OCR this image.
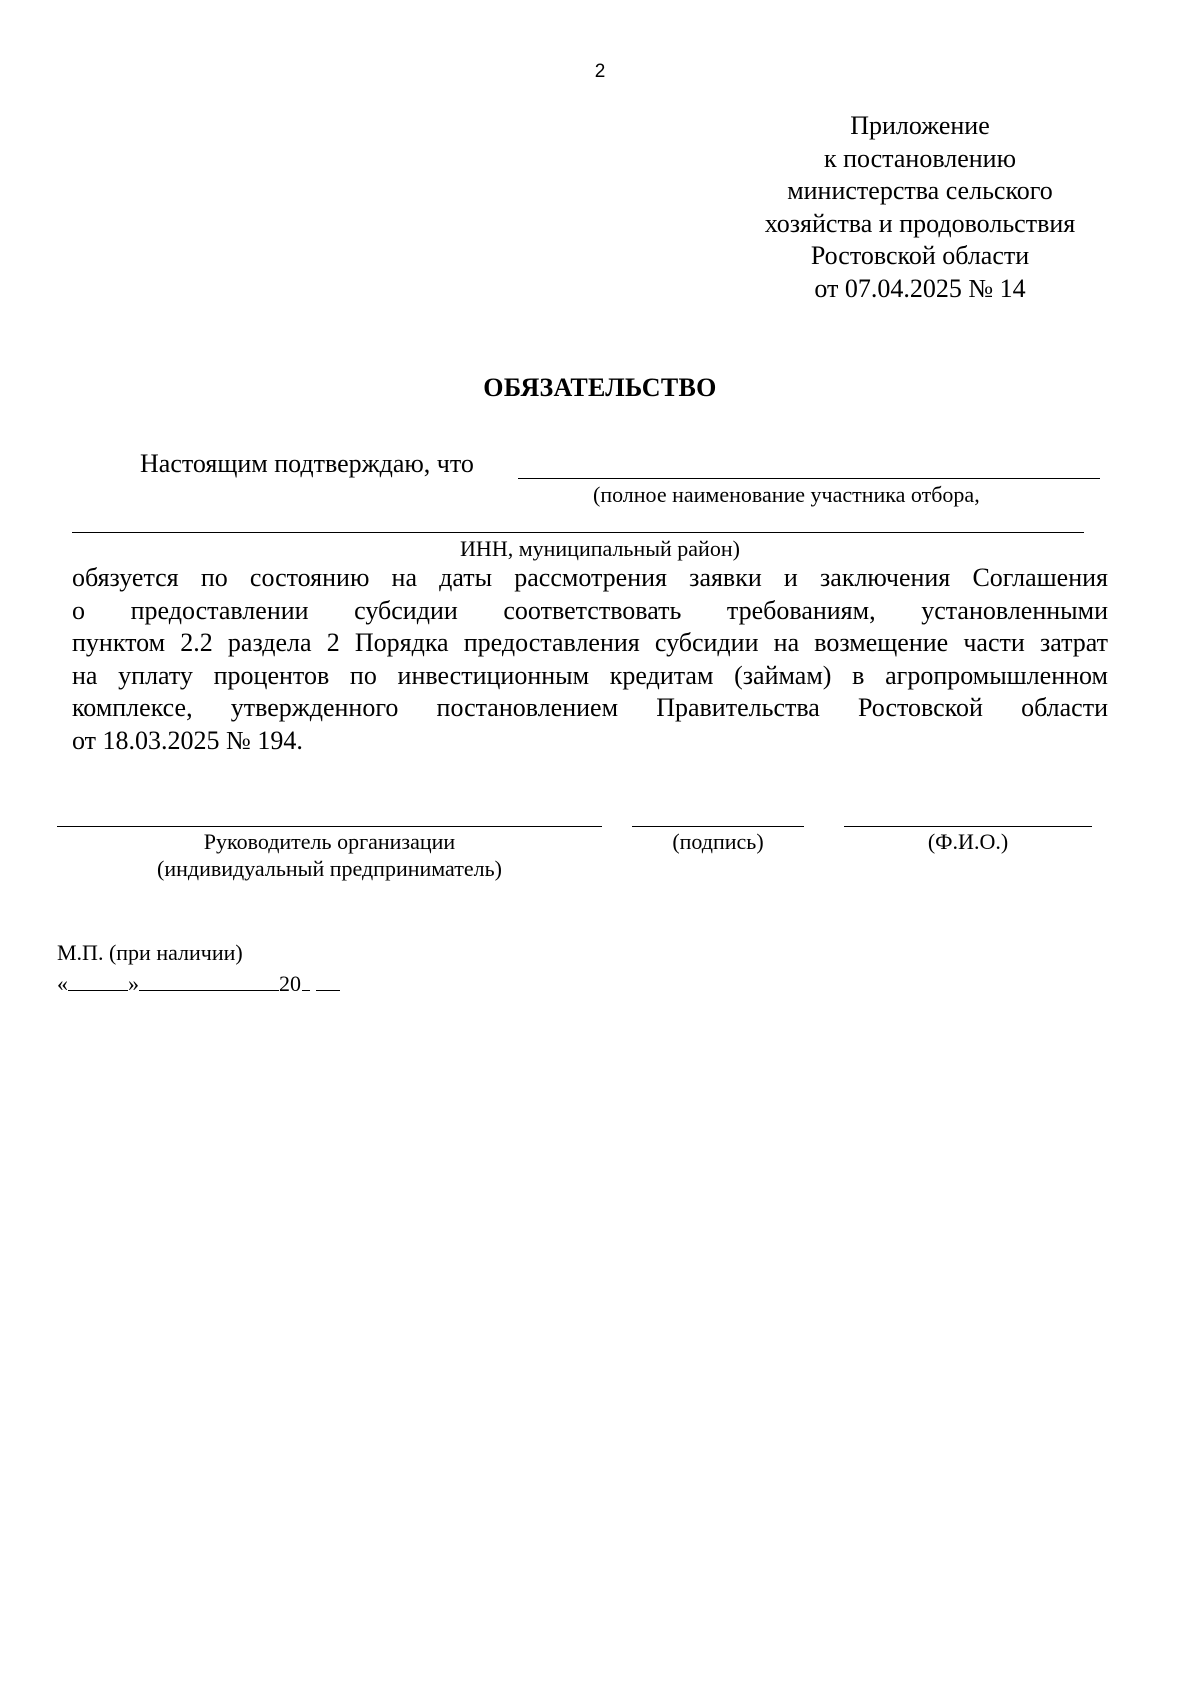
2
Приложение
к постановлению
министерства сельского
хозяйства и продовольствия
Ростовской области
от 07.04.2025 № 14
ОБЯЗАТЕЛЬСТВО
Настоящим подтверждаю, что
(полное наименование участника отбора,
ИНН, муниципальный район)
обязуется по состоянию на даты рассмотрения заявки и заключения Соглашения
о предоставлении субсидии соответствовать требованиям, установленными
пунктом 2.2 раздела 2 Порядка предоставления субсидии на возмещение части затрат
на уплату процентов по инвестиционным кредитам (займам) в агропромышленном
комплексе, утвержденного постановлением Правительства Ростовской области
от 18.03.2025 № 194.
Руководитель организации
(индивидуальный предприниматель)
(подпись)	(Ф.И.О.)
М.П. (при наличии)
«	»	20
